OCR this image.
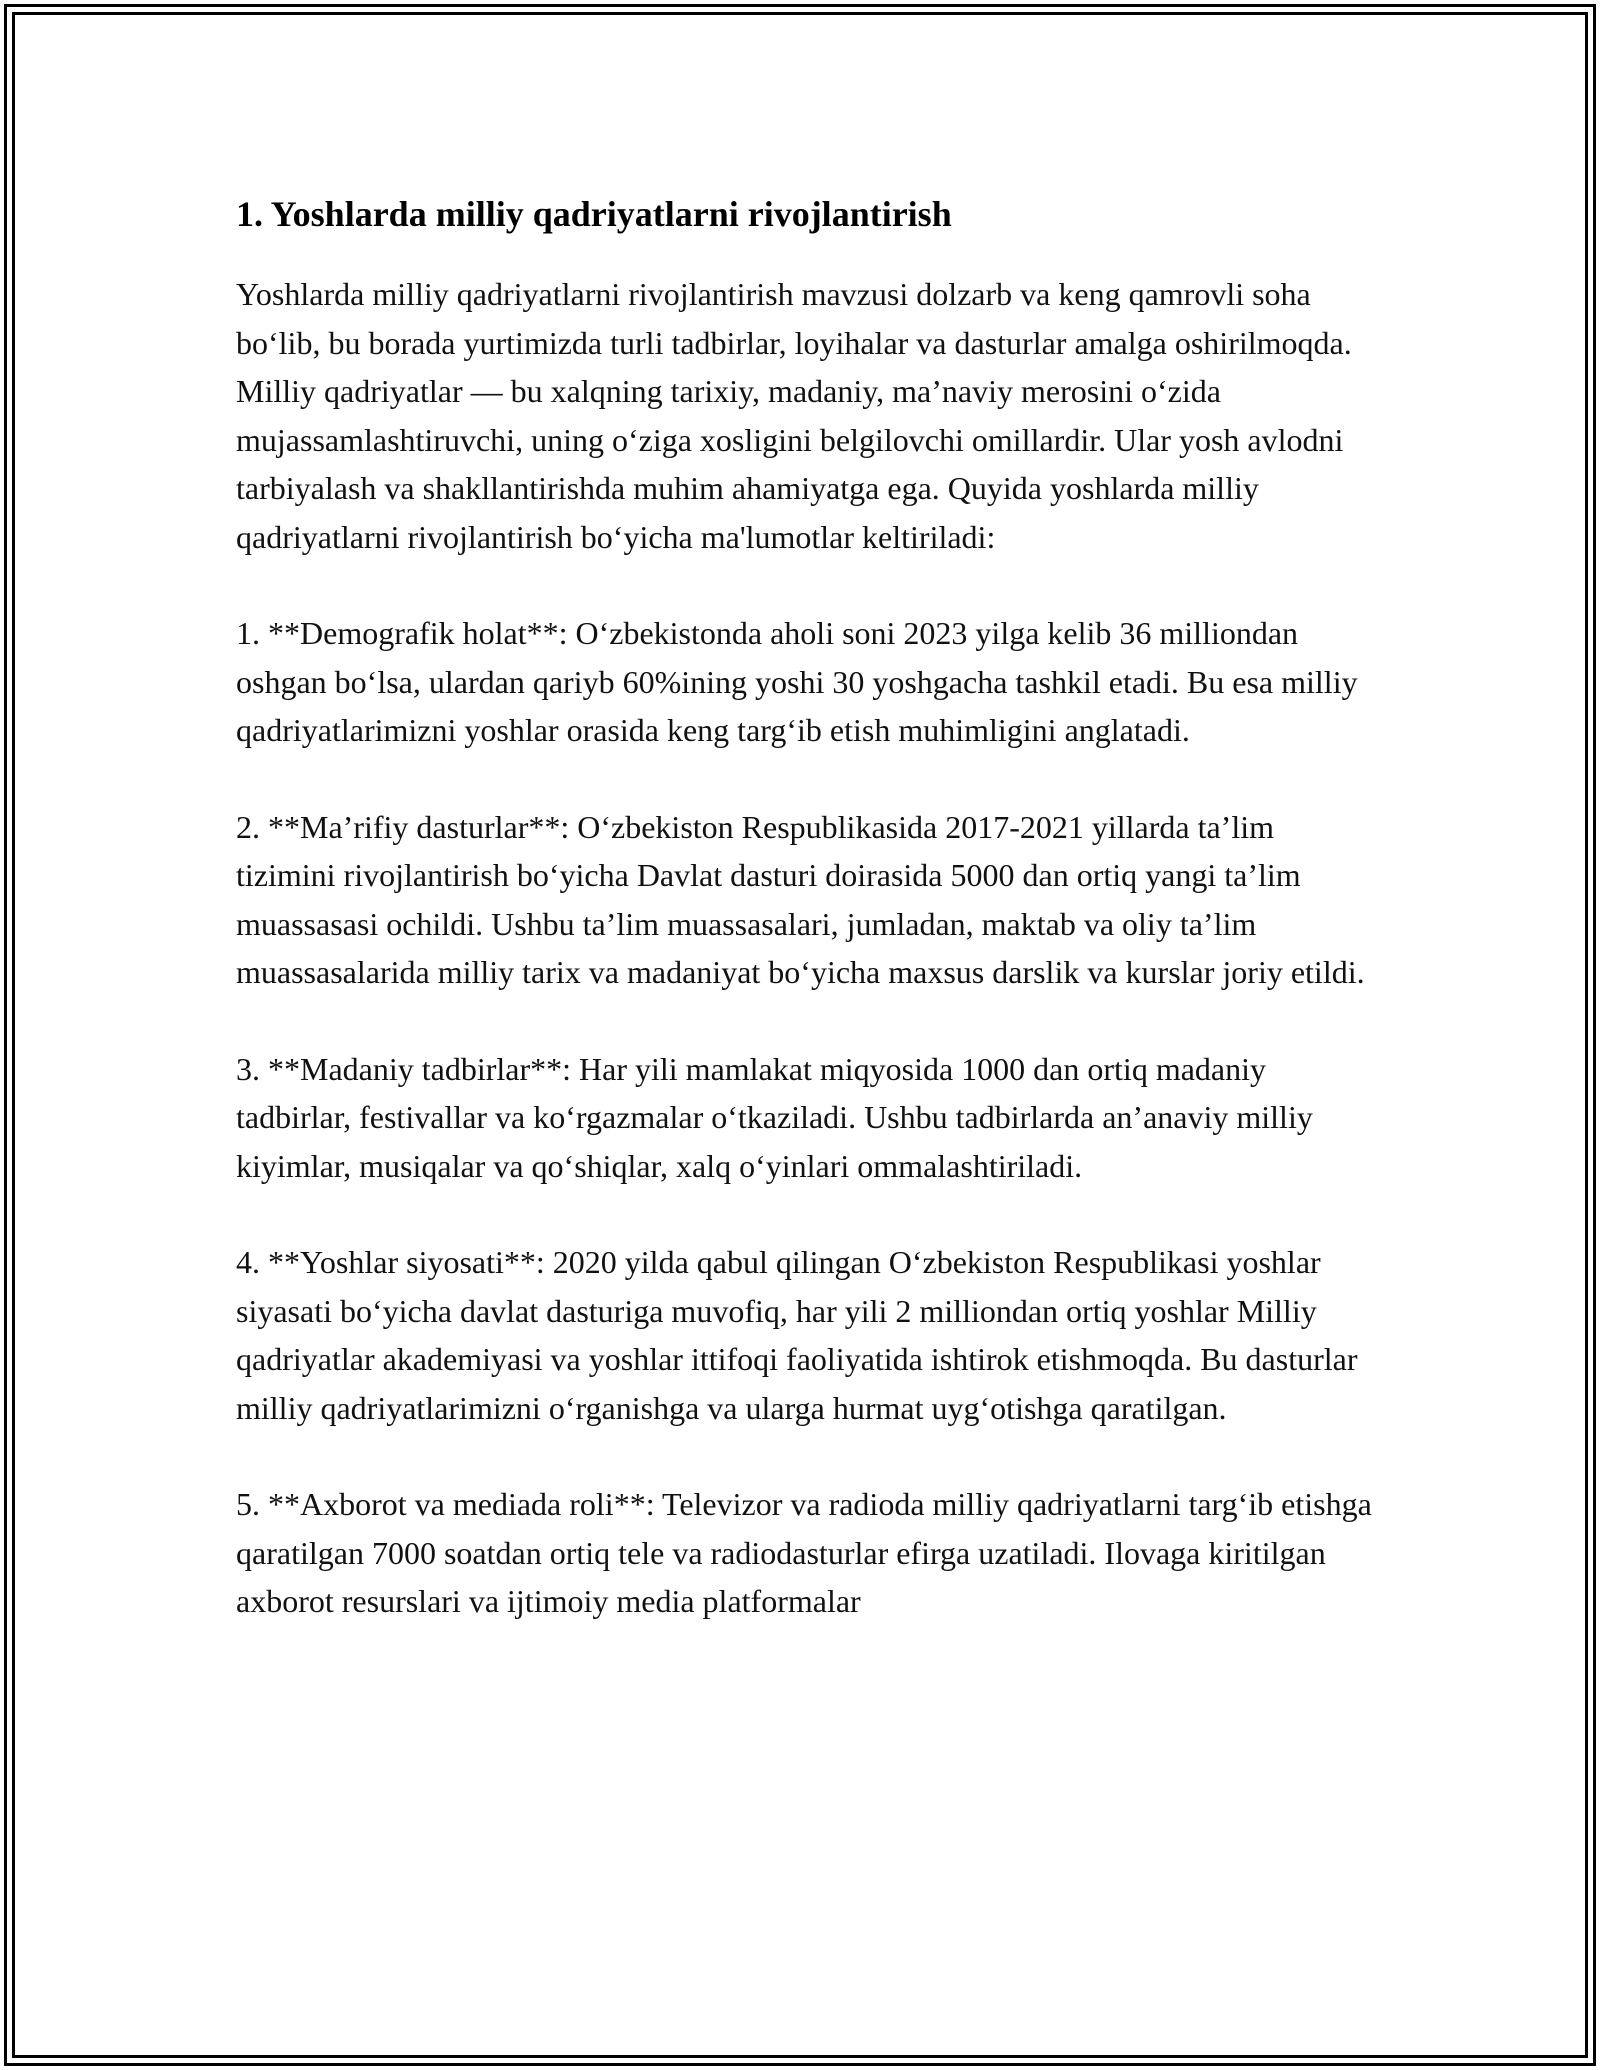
1. Yoshlarda milliy qadriyatlarni rivojlantirish

Yoshlarda milliy qadriyatlarni rivojlantirish mavzusi dolzarb va keng qamrovli soha bo‘lib, bu borada yurtimizda turli tadbirlar, loyihalar va dasturlar amalga oshirilmoqda. Milliy qadriyatlar — bu xalqning tarixiy, madaniy, ma’naviy merosini o‘zida mujassamlashtiruvchi, uning o‘ziga xosligini belgilovchi omillardir. Ular yosh avlodni tarbiyalash va shakllantirishda muhim ahamiyatga ega. Quyida yoshlarda milliy qadriyatlarni rivojlantirish bo‘yicha ma'lumotlar keltiriladi:

1. **Demografik holat**: O‘zbekistonda aholi soni 2023 yilga kelib 36 milliondan oshgan bo‘lsa, ulardan qariyb 60%ining yoshi 30 yoshgacha tashkil etadi. Bu esa milliy qadriyatlarimizni yoshlar orasida keng targ‘ib etish muhimligini anglatadi.

2. **Ma’rifiy dasturlar**: O‘zbekiston Respublikasida 2017-2021 yillarda ta’lim tizimini rivojlantirish bo‘yicha Davlat dasturi doirasida 5000 dan ortiq yangi ta’lim muassasasi ochildi. Ushbu ta’lim muassasalari, jumladan, maktab va oliy ta’lim muassasalarida milliy tarix va madaniyat bo‘yicha maxsus darslik va kurslar joriy etildi.

3. **Madaniy tadbirlar**: Har yili mamlakat miqyosida 1000 dan ortiq madaniy tadbirlar, festivallar va ko‘rgazmalar o‘tkaziladi. Ushbu tadbirlarda an’anaviy milliy kiyimlar, musiqalar va qo‘shiqlar, xalq o‘yinlari ommalashtiriladi.

4. **Yoshlar siyosati**: 2020 yilda qabul qilingan O‘zbekiston Respublikasi yoshlar siyasati bo‘yicha davlat dasturiga muvofiq, har yili 2 milliondan ortiq yoshlar Milliy qadriyatlar akademiyasi va yoshlar ittifoqi faoliyatida ishtirok etishmoqda. Bu dasturlar milliy qadriyatlarimizni o‘rganishga va ularga hurmat uyg‘otishga qaratilgan.

5. **Axborot va mediada roli**: Televizor va radioda milliy qadriyatlarni targ‘ib etishga qaratilgan 7000 soatdan ortiq tele va radiodasturlar efirga uzatiladi. Ilovaga kiritilgan axborot resurslari va ijtimoiy media platformalar
